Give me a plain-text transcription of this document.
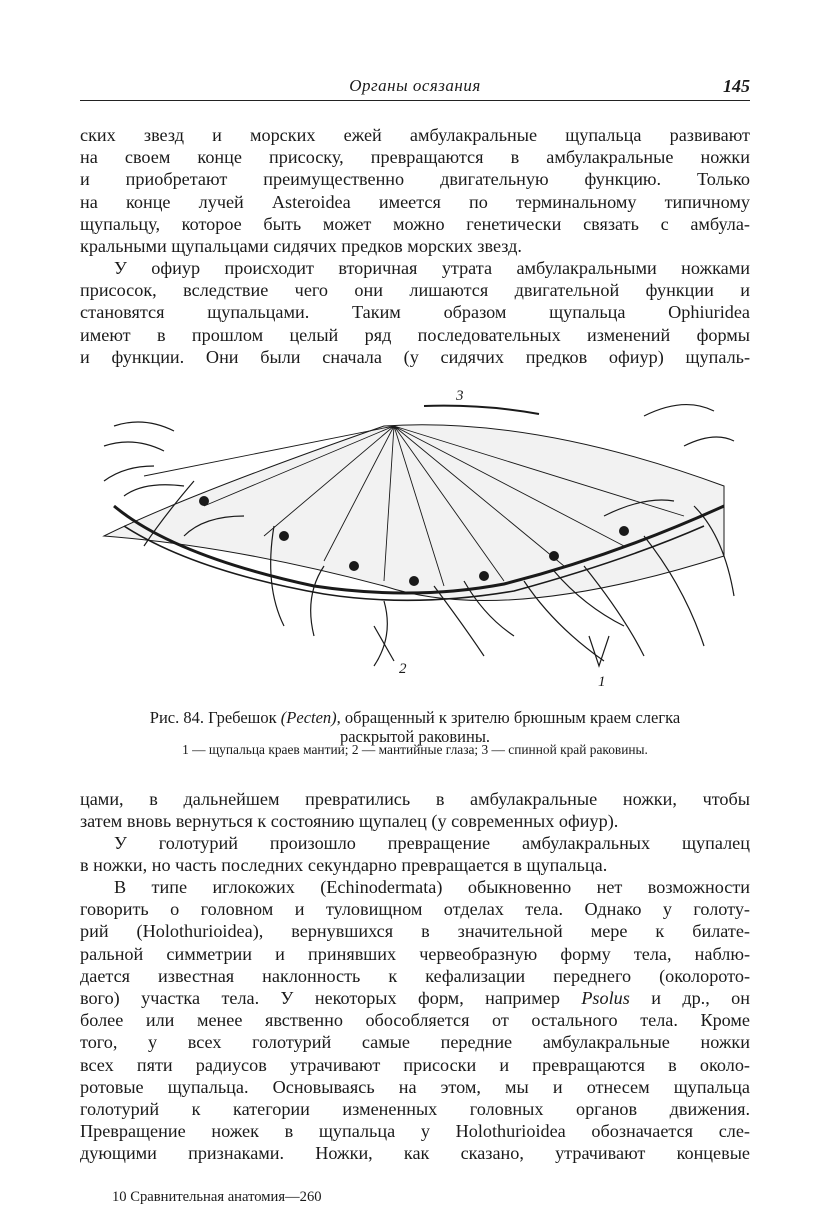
Органы осязания	145
ских звезд и морских ежей амбулакральные щупальца развивают
на своем конце присоску, превращаются в амбулакральные ножки
и приобретают преимущественно двигательную функцию. Только
на конце лучей Asteroidea имеется по терминальному типичному
щупальцу, которое быть может можно генетически связать с амбула-
кральными щупальцами сидячих предков морских звезд.
У офиур происходит вторичная утрата амбулакральными ножками
присосок, вследствие чего они лишаются двигательной функции и
становятся щупальцами. Таким образом щупальца Ophiuridea
имеют в прошлом целый ряд последовательных изменений формы
и функции. Они были сначала (у сидячих предков офиур) щупаль-
1
2
3

Рис. 84. Гребешок (Pecten), обращенный к зрителю брюшным краем слегка
раскрытой раковины.

1 — щупальца краев мантии; 2 — мантийные глаза; 3 — спинной край раковины.

цами, в дальнейшем превратились в амбулакральные ножки, чтобы
затем вновь вернуться к состоянию щупалец (у современных офиур).
У голотурий произошло превращение амбулакральных щупалец
в ножки, но часть последних секундарно превращается в щупальца.
В типе иглокожих (Echinodermata) обыкновенно нет возможности
говорить о головном и туловищном отделах тела. Однако у голоту-
рий (Holothurioidea), вернувшихся в значительной мере к билате-
ральной симметрии и принявших червеобразную форму тела, наблю-
дается известная наклонность к кефализации переднего (околорото-
вого) участка тела. У некоторых форм, например Psolus и др., он
более или менее явственно обособляется от остального тела. Кроме
того, у всех голотурий самые передние амбулакральные ножки
всех пяти радиусов утрачивают присоски и превращаются в около-
ротовые щупальца. Основываясь на этом, мы и отнесем щупальца
голотурий к категории измененных головных органов движения.
Превращение ножек в щупальца у Holothurioidea обозначается сле-
дующими признаками. Ножки, как сказано, утрачивают концевые
10 Сравнительная анатомия—260
